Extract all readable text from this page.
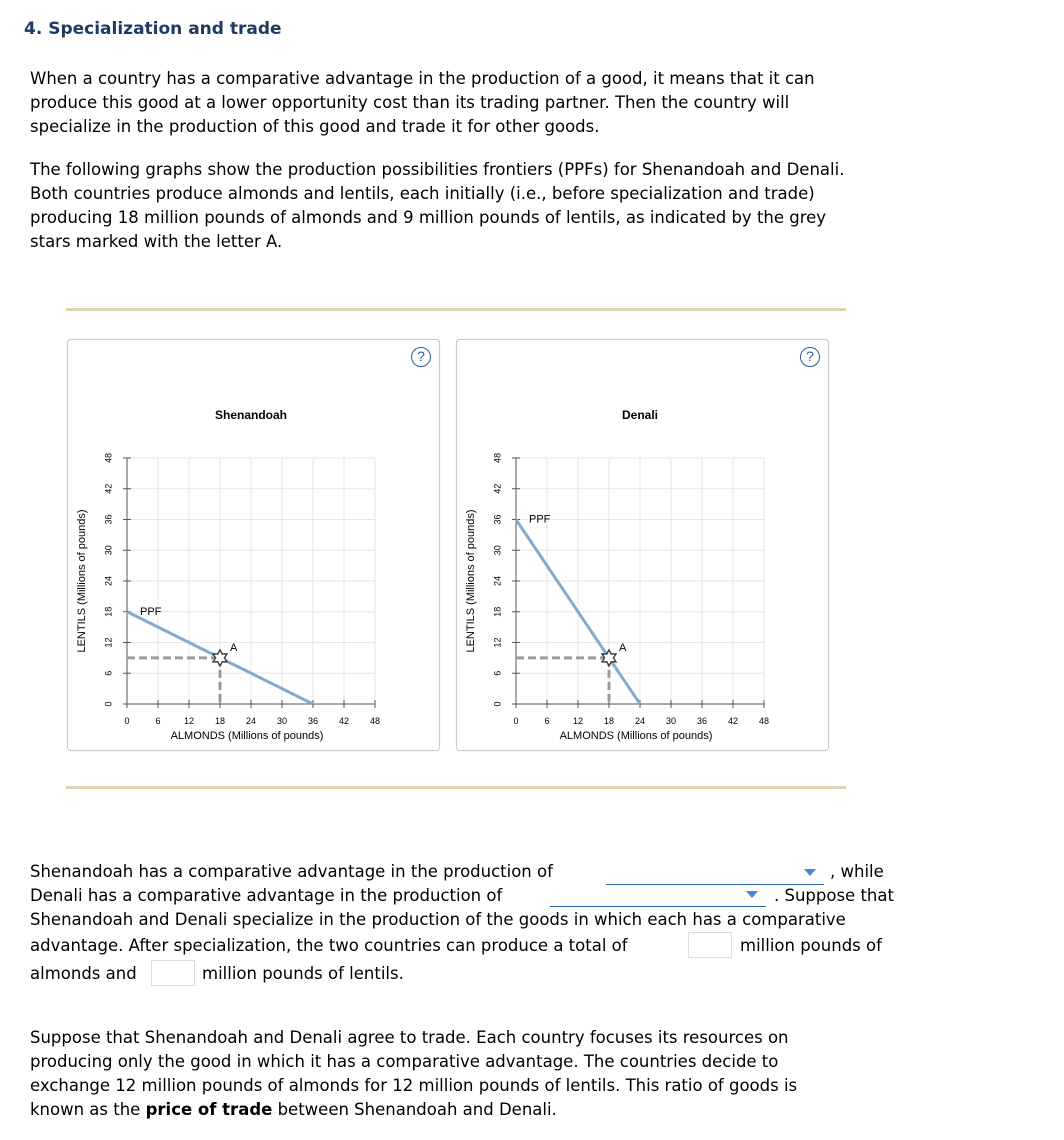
4. Specialization and trade
When a country has a comparative advantage in the production of a good, it means that it can
produce this good at a lower opportunity cost than its trading partner. Then the country will
specialize in the production of this good and trade it for other goods.
The following graphs show the production possibilities frontiers (PPFs) for Shenandoah and Denali.
Both countries produce almonds and lentils, each initially (i.e., before specialization and trade)
producing 18 million pounds of almonds and 9 million pounds of lentils, as indicated by the grey
stars marked with the letter A.
?
Shenandoah
0	6	12 18 24 30 36 42 48
0
6
12
18
24
30
36
42
48
ALMONDS (Millions of pounds)
LENTILS (Millions of pounds)	PPF
A
?
Denali
0	6	12 18 24 30 36 42 48
0
6
12
18
24
30
36
42
48
ALMONDS (Millions of pounds)
LENTILS (Millions of pounds)	PPF
A
Shenandoah has a comparative advantage in the production of	, while
Denali has a comparative advantage in the production of	. Suppose that
Shenandoah and Denali specialize in the production of the goods in which each has a comparative
advantage. After specialization, the two countries can produce a total of	million pounds of
almonds and	million pounds of lentils.
Suppose that Shenandoah and Denali agree to trade. Each country focuses its resources on
producing only the good in which it has a comparative advantage. The countries decide to
exchange 12 million pounds of almonds for 12 million pounds of lentils. This ratio of goods is
known as the price of trade between Shenandoah and Denali.
